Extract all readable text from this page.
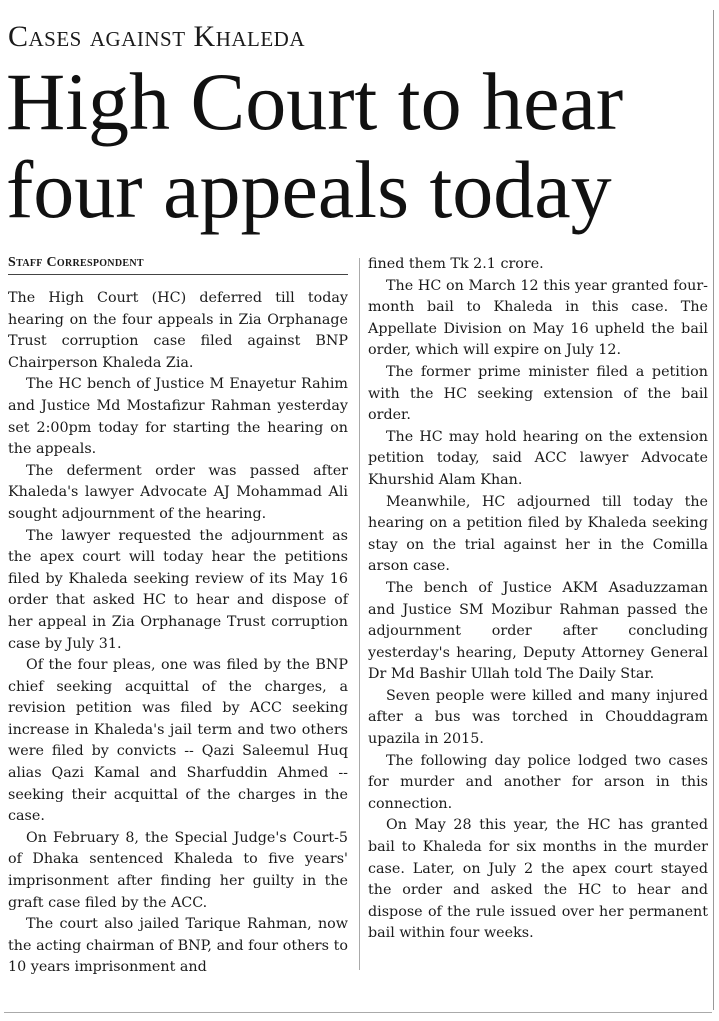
Cases against Khaleda
High Court to hear four appeals today
Staff Correspondent

The High Court (HC) deferred till today hearing on the four appeals in Zia Orphanage Trust corruption case filed against BNP Chairperson Khaleda Zia.

The HC bench of Justice M Enayetur Rahim and Justice Md Mostafizur Rahman yesterday set 2:00pm today for starting the hearing on the appeals.

The deferment order was passed after Khaleda's lawyer Advocate AJ Mohammad Ali sought adjournment of the hearing.

The lawyer requested the adjournment as the apex court will today hear the petitions filed by Khaleda seeking review of its May 16 order that asked HC to hear and dispose of her appeal in Zia Orphanage Trust corruption case by July 31.

Of the four pleas, one was filed by the BNP chief seeking acquittal of the charges, a revision petition was filed by ACC seeking increase in Khaleda's jail term and two others were filed by convicts -- Qazi Saleemul Huq alias Qazi Kamal and Sharfuddin Ahmed -- seeking their acquittal of the charges in the case.

On February 8, the Special Judge's Court-5 of Dhaka sentenced Khaleda to five years' imprisonment after finding her guilty in the graft case filed by the ACC.

The court also jailed Tarique Rahman, now the acting chairman of BNP, and four others to 10 years imprisonment and

fined them Tk 2.1 crore.

The HC on March 12 this year granted four-month bail to Khaleda in this case. The Appellate Division on May 16 upheld the bail order, which will expire on July 12.

The former prime minister filed a petition with the HC seeking extension of the bail order.

The HC may hold hearing on the extension petition today, said ACC lawyer Advocate Khurshid Alam Khan.

Meanwhile, HC adjourned till today the hearing on a petition filed by Khaleda seeking stay on the trial against her in the Comilla arson case.

The bench of Justice AKM Asaduzzaman and Justice SM Mozibur Rahman passed the adjournment order after concluding yesterday's hearing, Deputy Attorney General Dr Md Bashir Ullah told The Daily Star.

Seven people were killed and many injured after a bus was torched in Chouddagram upazila in 2015.

The following day police lodged two cases for murder and another for arson in this connection.

On May 28 this year, the HC has granted bail to Khaleda for six months in the murder case. Later, on July 2 the apex court stayed the order and asked the HC to hear and dispose of the rule issued over her permanent bail within four weeks.
